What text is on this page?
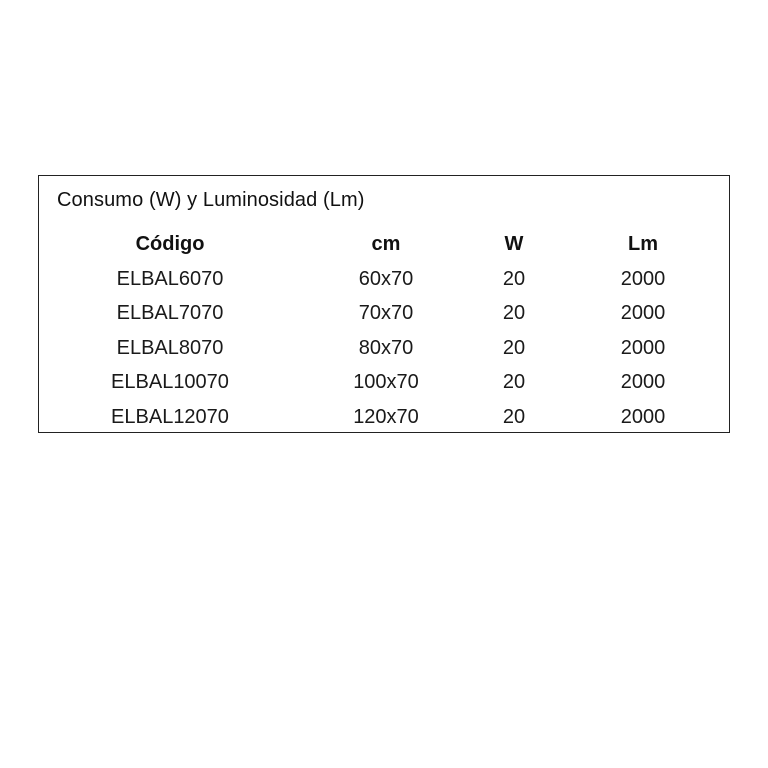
Consumo (W) y Luminosidad (Lm)
Código	cm	W	Lm
ELBAL6070	60x70	20	2000
ELBAL7070	70x70	20	2000
ELBAL8070	80x70	20	2000
ELBAL10070	100x70	20	2000
ELBAL12070	120x70	20	2000
